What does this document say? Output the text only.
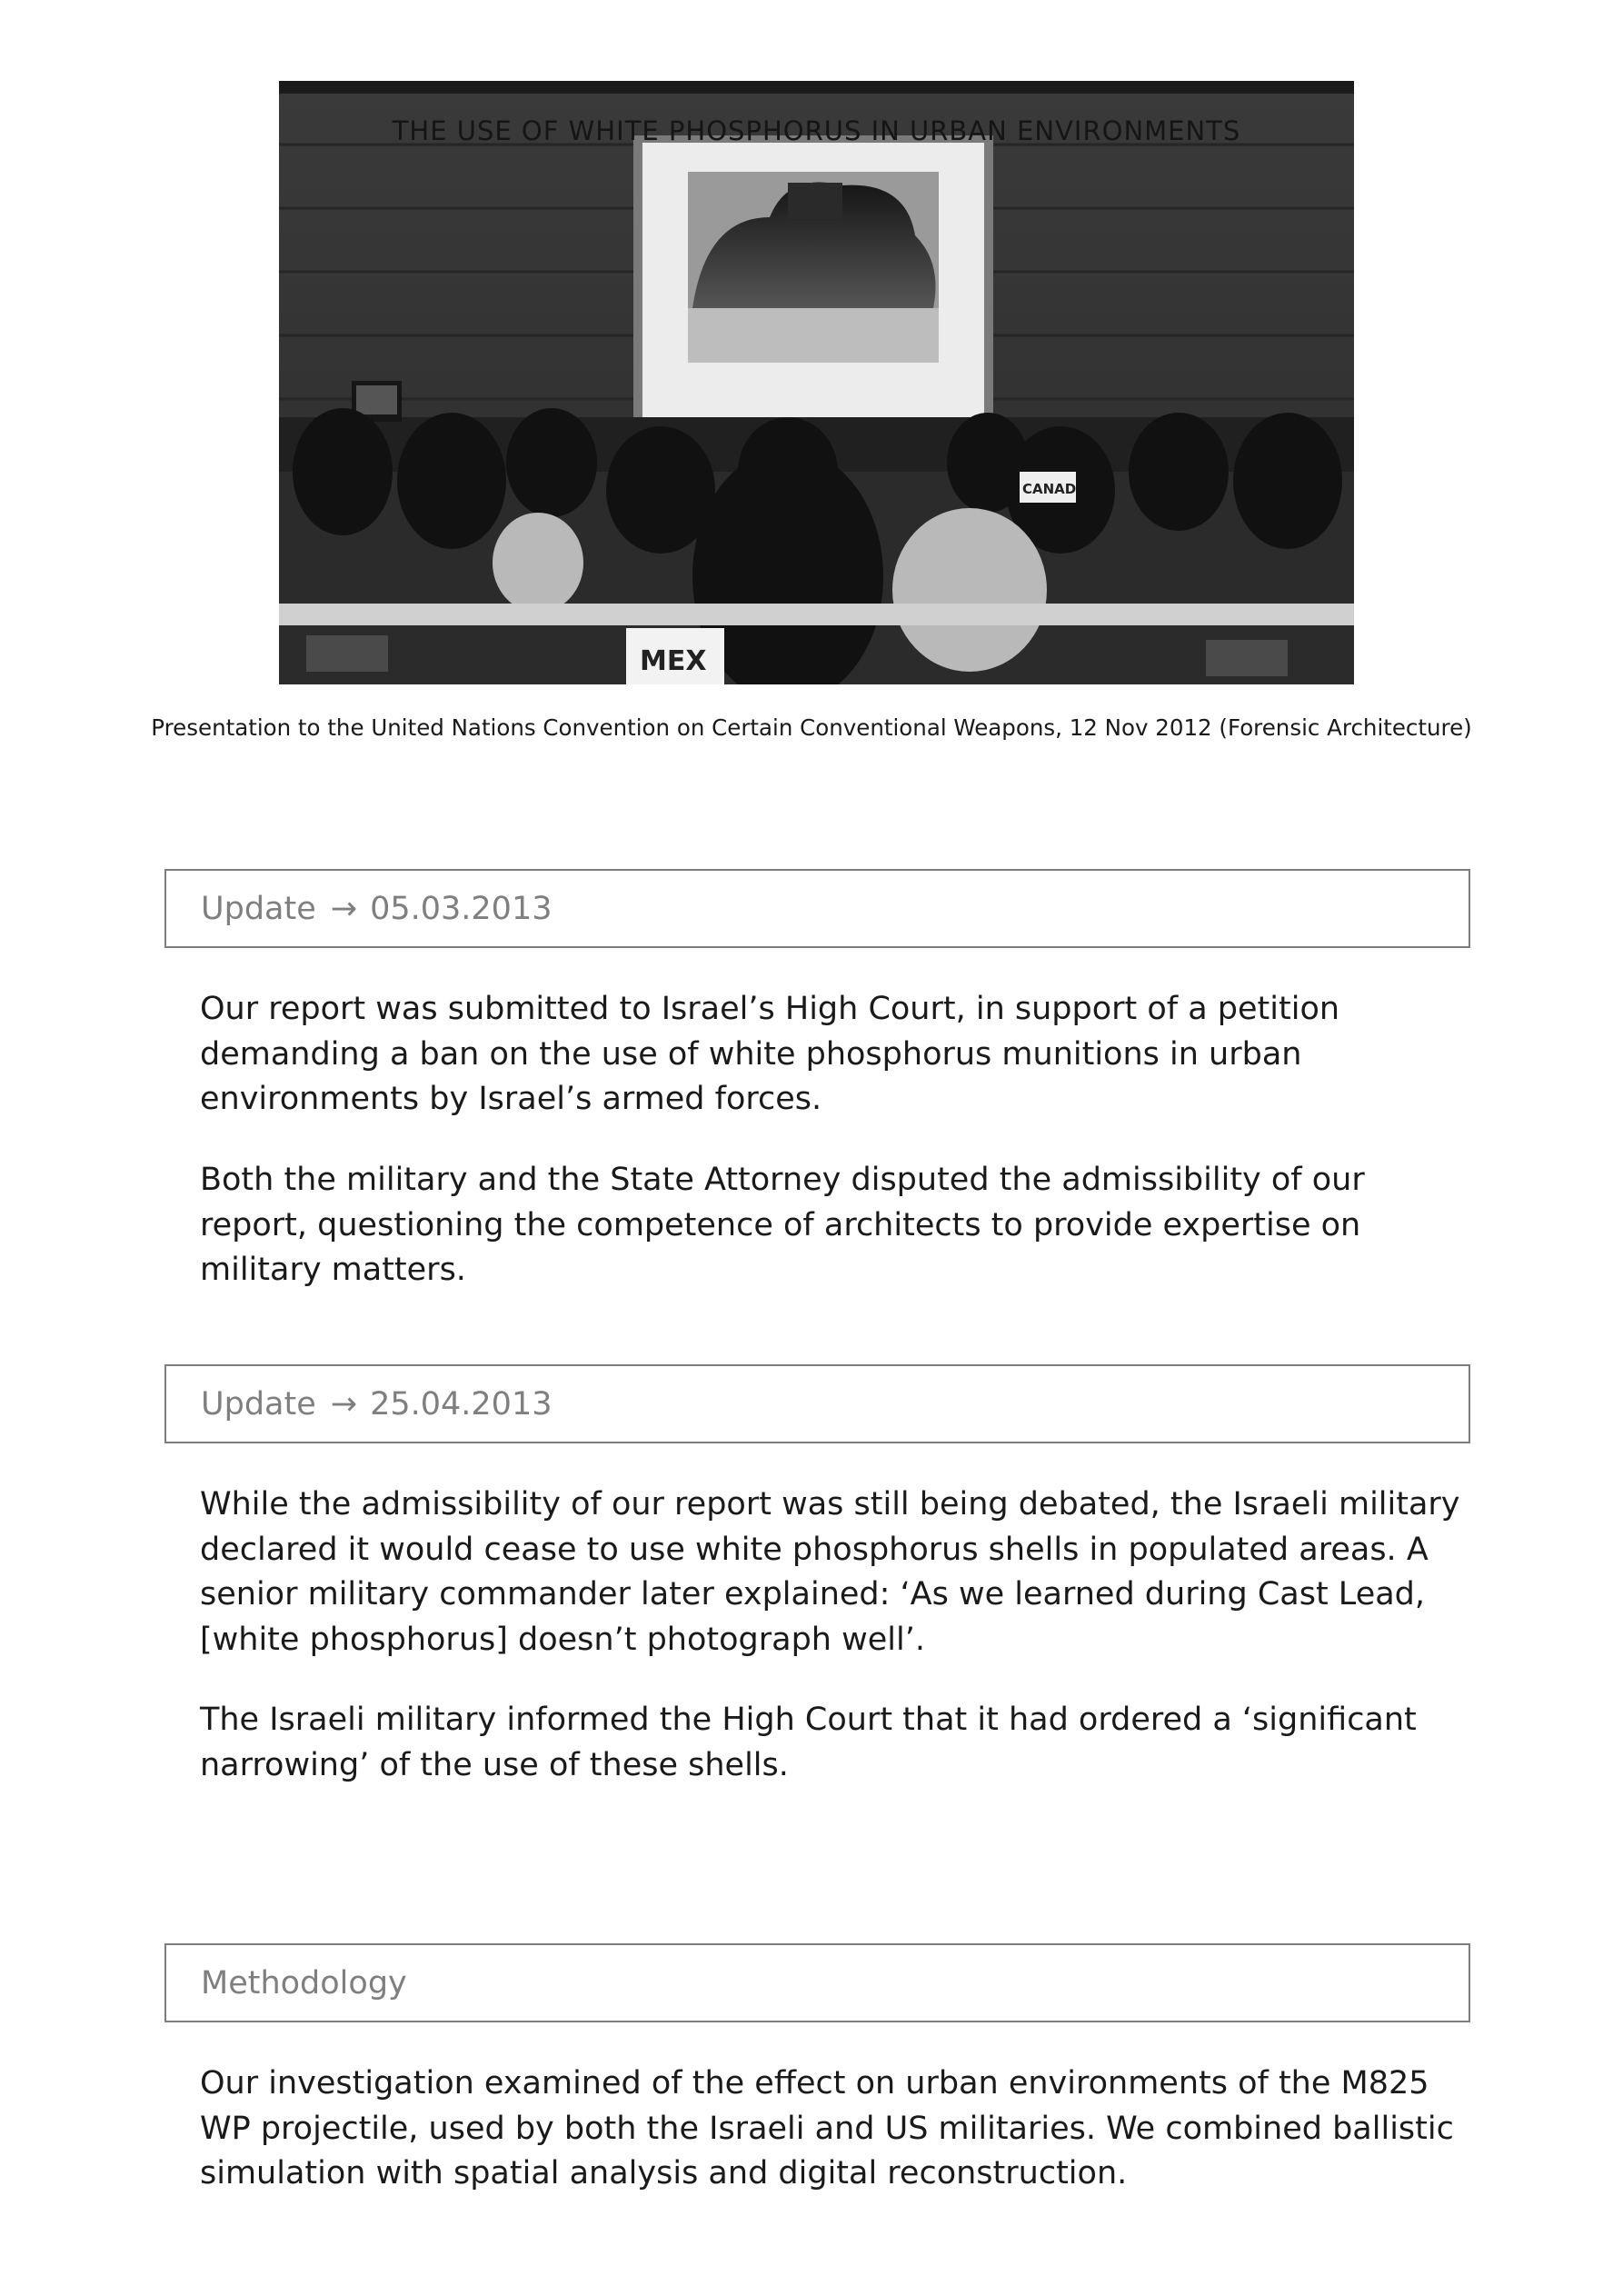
MEX
CANAD
THE USE OF WHITE PHOSPHORUS IN URBAN ENVIRONMENTS
Presentation to the United Nations Convention on Certain Conventional Weapons, 12 Nov 2012 (Forensic Architecture)
Update → 05.03.2013

Our report was submitted to Israel’s High Court, in support of a petition demanding a ban on the use of white phosphorus munitions in urban environments by Israel’s armed forces.

Both the military and the State Attorney disputed the admissibility of our report, questioning the competence of architects to provide expertise on military matters.

Update → 25.04.2013

While the admissibility of our report was still being debated, the Israeli military declared it would cease to use white phosphorus shells in populated areas. A senior military commander later explained: ‘As we learned during Cast Lead, [white phosphorus] doesn’t photograph well’.

The Israeli military informed the High Court that it had ordered a ‘significant narrowing’ of the use of these shells.

Methodology

Our investigation examined of the effect on urban environments of the M825 WP projectile, used by both the Israeli and US militaries. We combined ballistic simulation with spatial analysis and digital reconstruction.
